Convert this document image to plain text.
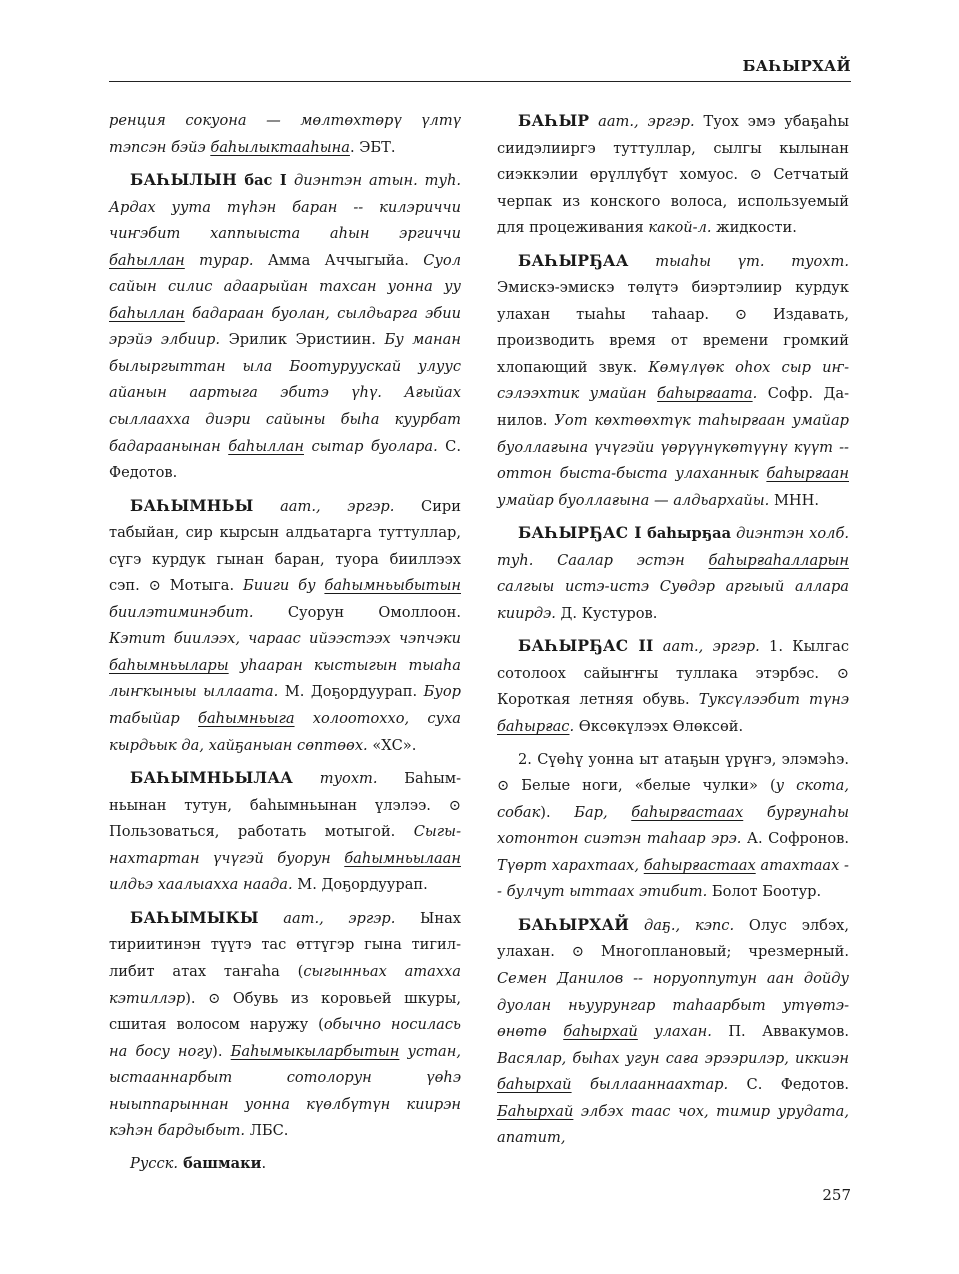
БАҺЫРХАЙ

ренция сокуона — мөлтөхтөрү үлтү тэпсэн бэйэ баһылыктааһына. ЭБТ.

БАҺЫЛЫН бас I диэнтэн атын. туһ. Ардах уута түһэн баран -- килэриччи чиҥэбит хаппыыста аһын эргиччи баһыллан турар. Амма Аччыгыйа. Суол сайын силис адаарыйан тахсан уонна уу баһыллан бадараан буолан, сылдьарга эбии эрэйэ элбиир. Эрилик Эристиин. Бу манан былыргыттан ыла Боотуруускай улуус айанын аартыга эбитэ үһү. Ағыйах сыллаахха диэри сайыны быһа куурбат бадараанынан баһыллан сытар буолара. С. Федотов.

БАҺЫМНЬЫ аат., эргэр. Сири табыйан, сир кырсын алдьатарга туттуллар, сүгэ курдук гынан баран, туора бииллээх сэп. ⊙ Мотыга. Бииги бу баһымньыбытын биилэтиминэбит. Суорун Омоллоон. Кэтит биилээх, чараас ийээстээх чэпчэки баһымньылары уһааран кыстыгын тыаһа лыҥкыныы ыллаата. М. Доҕордуурап. Буор табыйар баһымньыга холоотоххо, суха кырдьык да, хайҕаныан сөптөөх. «ХС».

БАҺЫМНЬЫЛАА туохт. Баһымньынан тутун, баһымньынан үлэлээ. ⊙ Пользоваться, работать мотыгой. Сыгынахтартан үчүгэй буорун баһымньылаан илдьэ хаалыахха наада. М. Доҕордуурап.

БАҺЫМЫКЫ аат., эргэр. Ынах тириитинэн түүтэ тас өттүгэр гына тигиллибит атах таҥаһа (сыгынньах атахха кэтиллэр). ⊙ Обувь из коровьей шкуры, сшитая волосом наружу (обычно носилась на босу ногу). Баһымыкыларбытын устан, ыстааннарбыт сотолорун үөһэ ныыппарыннан уонна күөлбүтүн киирэн кэһэн бардыбыт. ЛБС.

Русск. башмаки.

БАҺЫР аат., эргэр. Туох эмэ убаҕаһы сиидэлииргэ туттуллар, сылгы кылынан сиэккэлии өрүллүбүт хомуос. ⊙ Сетчатый черпак из конского волоса, используемый для процеживания какой-л. жидкости.

БАҺЫРҔАА тыаһы үт. туохт. Эмискэ-эмискэ төлүтэ биэртэлиир курдук улахан тыаһы таһаар. ⊙ Издавать, производить время от времени громкий хлопающий звук. Көмүлүөк оһох сыр иҥсэлээхтик умайан баһырғаата. Софр. Данилов. Уот көхтөөхтүк таһырғаан умайар буоллағына үчүгэйи үөрүүнүкөтүүнү күүт -- оттон быста-быста улаханнык баһырғаан умайар буоллағына — алдьархайы. МНН.

БАҺЫРҔАС I баһырҕаа диэнтэн холб. туһ. Саалар эстэн баһырғаһалларын салгыы истэ-истэ Суөдэр аргыый аллара киирдэ. Д. Кустуров.

БАҺЫРҔАС II аат., эргэр. 1. Кылгас сотолоох сайыҥҥы туллака этэрбэс. ⊙ Короткая летняя обувь. Туксүлээбит түнэ баһырғас. Өксөкүлээх Өлөксөй.

2. Сүөһү уонна ыт атаҕын үрүҥэ, элэмэһэ. ⊙ Белые ноги, «белые чулки» (у скота, собак). Бар, баһырғастаах бурғунаһы хотонтон сиэтэн таһаар эрэ. А. Софронов. Түөрт харахтаах, баһырғастаах атахтаах -- булчут ыттаах этибит. Болот Боотур.

БАҺЫРХАЙ даҕ., кэпс. Олус элбэх, улахан. ⊙ Многоплановый; чрезмерный. Семен Данилов -- норуоппутун аан дойду дуолан ньуурунгар таһаарбыт утүөтэ-өнөтө баһырхай улахан. П. Аввакумов. Васялар, быһах угун саға эрээрилэр, иккиэн баһырхай быллааннаахтар. С. Федотов. Баһырхай элбэх таас чох, тимир урудата, апатит,

257
